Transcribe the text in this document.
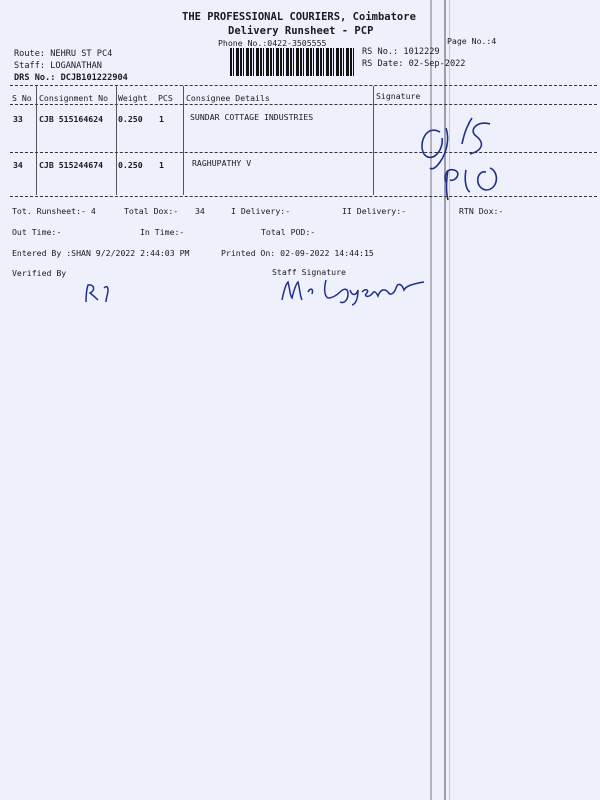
THE PROFESSIONAL COURIERS, Coimbatore
Delivery Runsheet - PCP
Phone No.:0422-3505555	Page No.:4
Route: NEHRU ST PC4
Staff: LOGANATHAN
DRS No.: DCJB101222904
RS No.: 1012229
RS Date: 02-Sep-2022
S No Consignment No Weight PCS Consignee Details	Signature
33 CJB 515164624 0.250 1	SUNDAR COTTAGE INDUSTRIES
34 CJB 515244674 0.250 1	RAGHUPATHY V
Tot. Runsheet:- 4	Total Dox:- 34	I Delivery:-	II Delivery:-	RTN Dox:-
Out Time:-	In Time:-	Total POD:-
Entered By :SHAN 9/2/2022 2:44:03 PM	Printed On: 02-09-2022 14:44:15
Verified By	Staff Signature
